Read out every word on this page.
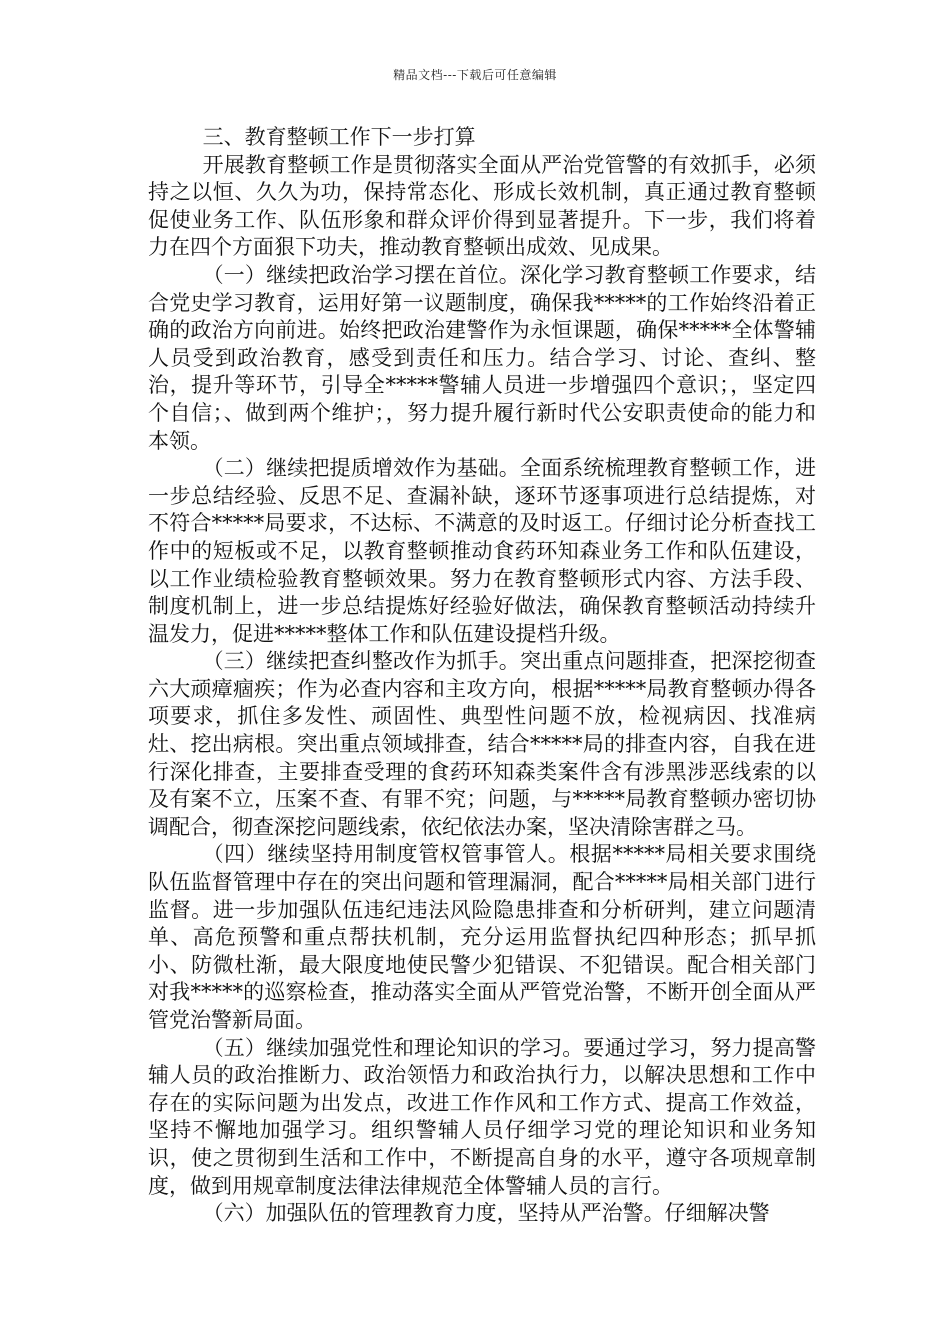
精品文档---下载后可任意编辑

三、教育整顿工作下一步打算

开展教育整顿工作是贯彻落实全面从严治党管警的有效抓手，必须持之以恒、久久为功，保持常态化、形成长效机制，真正通过教育整顿促使业务工作、队伍形象和群众评价得到显著提升。下一步，我们将着力在四个方面狠下功夫，推动教育整顿出成效、见成果。

（一）继续把政治学习摆在首位。深化学习教育整顿工作要求，结合党史学习教育，运用好第一议题制度，确保我*****的工作始终沿着正确的政治方向前进。始终把政治建警作为永恒课题，确保*****全体警辅人员受到政治教育，感受到责任和压力。结合学习、讨论、查纠、整治，提升等环节，引导全*****警辅人员进一步增强四个意识；，坚定四个自信；、做到两个维护；，努力提升履行新时代公安职责使命的能力和本领。

（二）继续把提质增效作为基础。全面系统梳理教育整顿工作，进一步总结经验、反思不足、查漏补缺，逐环节逐事项进行总结提炼，对不符合*****局要求，不达标、不满意的及时返工。仔细讨论分析查找工作中的短板或不足，以教育整顿推动食药环知森业务工作和队伍建设，以工作业绩检验教育整顿效果。努力在教育整顿形式内容、方法手段、制度机制上，进一步总结提炼好经验好做法，确保教育整顿活动持续升温发力，促进*****整体工作和队伍建设提档升级。

（三）继续把查纠整改作为抓手。突出重点问题排查，把深挖彻查六大顽瘴痼疾；作为必查内容和主攻方向，根据*****局教育整顿办得各项要求，抓住多发性、顽固性、典型性问题不放，检视病因、找准病灶、挖出病根。突出重点领域排查，结合*****局的排查内容，自我在进行深化排查，主要排查受理的食药环知森类案件含有涉黑涉恶线索的以及有案不立，压案不查、有罪不究；问题，与*****局教育整顿办密切协调配合，彻查深挖问题线索，依纪依法办案，坚决清除害群之马。

（四）继续坚持用制度管权管事管人。根据*****局相关要求围绕队伍监督管理中存在的突出问题和管理漏洞，配合*****局相关部门进行监督。进一步加强队伍违纪违法风险隐患排查和分析研判，建立问题清单、高危预警和重点帮扶机制，充分运用监督执纪四种形态；抓早抓小、防微杜渐，最大限度地使民警少犯错误、不犯错误。配合相关部门对我*****的巡察检查，推动落实全面从严管党治警，不断开创全面从严管党治警新局面。

（五）继续加强党性和理论知识的学习。要通过学习，努力提高警辅人员的政治推断力、政治领悟力和政治执行力，以解决思想和工作中存在的实际问题为出发点，改进工作作风和工作方式、提高工作效益，坚持不懈地加强学习。组织警辅人员仔细学习党的理论知识和业务知识，使之贯彻到生活和工作中，不断提高自身的水平，遵守各项规章制度，做到用规章制度法律法律规范全体警辅人员的言行。

（六）加强队伍的管理教育力度，坚持从严治警。仔细解决警
